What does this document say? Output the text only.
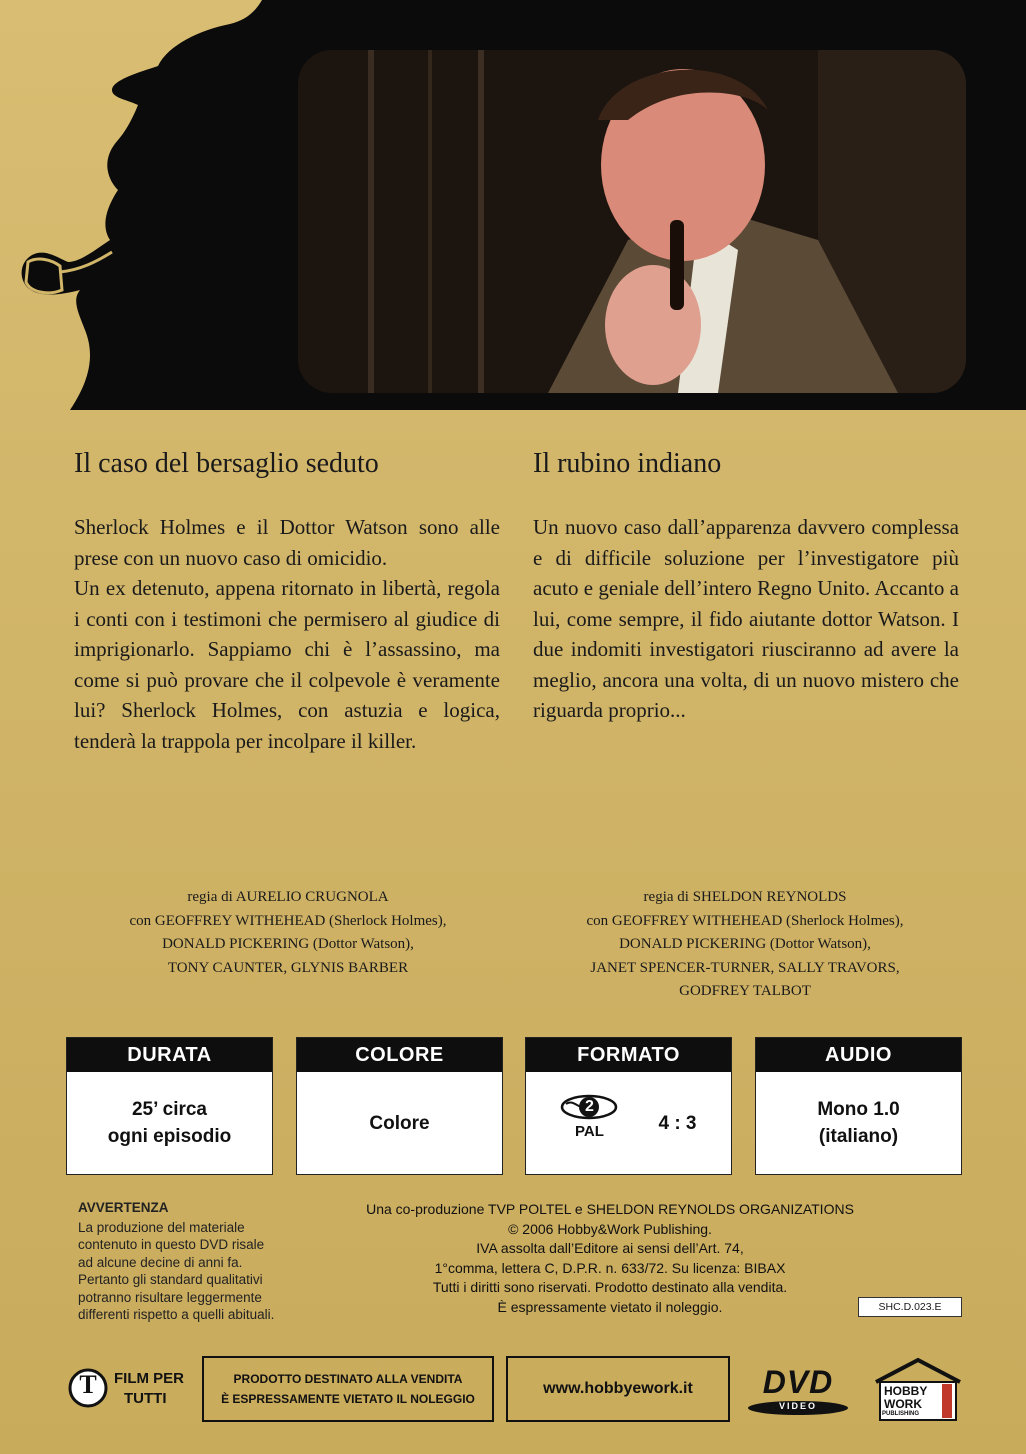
Il caso del bersaglio seduto

Sherlock Holmes e il Dottor Watson sono alle prese con un nuovo caso di omicidio.

Un ex detenuto, appena ritornato in libertà, regola i conti con i testimoni che permisero al giudice di imprigionarlo. Sappiamo chi è l’assassino, ma come si può provare che il colpevole è veramente lui? Sherlock Holmes, con astuzia e logica, tenderà la trappola per incolpare il killer.

Il rubino indiano

Un nuovo caso dall’apparenza davvero complessa e di difficile soluzione per l’investigatore più acuto e geniale dell’intero Regno Unito. Accanto a lui, come sempre, il fido aiutante dottor Watson. I due indomiti investigatori riusciranno ad avere la meglio, ancora una volta, di un nuovo mistero che riguarda proprio...

regia di AURELIO CRUGNOLA
con GEOFFREY WITHEHEAD (Sherlock Holmes),
DONALD PICKERING (Dottor Watson),
TONY CAUNTER, GLYNIS BARBER
regia di SHELDON REYNOLDS
con GEOFFREY WITHEHEAD (Sherlock Holmes),
DONALD PICKERING (Dottor Watson),
JANET SPENCER-TURNER, SALLY TRAVORS,
GODFREY TALBOT
DURATA
25’ circa
ogni episodio
COLORE
Colore
FORMATO
2
PAL	4 : 3
AUDIO
Mono 1.0
(italiano)
AVVERTENZA
La produzione del materiale
contenuto in questo DVD risale
ad alcune decine di anni fa.
Pertanto gli standard qualitativi
potranno risultare leggermente
differenti rispetto a quelli abituali.
Una co-produzione TVP POLTEL e SHELDON REYNOLDS ORGANIZATIONS
© 2006 Hobby&Work Publishing.
IVA assolta dall’Editore ai sensi dell’Art. 74,
1°comma, lettera C, D.P.R. n. 633/72. Su licenza: BIBAX
Tutti i diritti sono riservati. Prodotto destinato alla vendita.
È espressamente vietato il noleggio.	SHC.D.023.E
T FILM PER
TUTTI
PRODOTTO DESTINATO ALLA VENDITA
È ESPRESSAMENTE VIETATO IL NOLEGGIO
www.hobbyework.it	DVD
VIDEO
HOBBY
WORK
PUBLISHING
